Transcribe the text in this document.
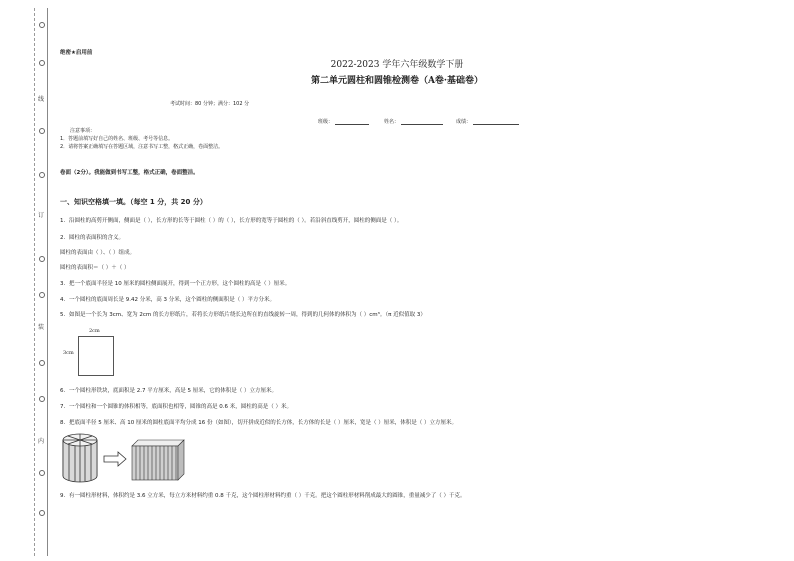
线
订
装
内
绝密★启用前
2022-2023 学年六年级数学下册
第二单元圆柱和圆锥检测卷（A卷·基础卷）
考试时间：80 分钟；满分：102 分
班级：	姓名：	成绩：
注意事项：
1．答题前填写好自己的姓名、班级、考号等信息。
2．请将答案正确填写在答题区域，注意书写工整，格式正确，卷面整洁。
卷面（2分）。我能做到书写工整，格式正确，卷面整洁。
一、知识空格填一填。（每空 1 分，共 20 分）
1．沿圆柱的高剪开侧面，侧面是（ ），长方形的长等于圆柱（ ）的（ ），长方形的宽等于圆柱的（ ）。若沿斜直线剪开，圆柱的侧面是（ ）。
2．圆柱的表面积的含义。
圆柱的表面由（ ）、（ ）组成。
圆柱的表面积＝（ ）＋（ ）
3．把一个底面半径是 10 厘米的圆柱侧面展开，得到一个正方形，这个圆柱的高是（ ）厘米。
4．一个圆柱的底面周长是 9.42 分米，高 3 分米，这个圆柱的侧面积是（ ）平方分米。
5．如图是一个长为 3cm、宽为 2cm 的长方形纸片，若将长方形纸片绕长边所在的直线旋转一周，得到的几何体的体积为（ ）cm³。（π 近似值取 3）
2cm
3cm
6．一个圆柱形铁块，底面积是 2.7 平方厘米，高是 5 厘米，它的体积是（ ）立方厘米。
7．一个圆柱和一个圆锥的体积相等，底面积也相等，圆锥的高是 0.6 米，圆柱的高是（ ）米。
8．把底面半径 5 厘米、高 10 厘米的圆柱底面平均分成 16 份（如图），切开拼成近似的长方体，长方体的长是（ ）厘米，宽是（ ）厘米，体积是（ ）立方厘米。
9．有一圆柱形材料，体积约是 3.6 立方米，每立方米材料约重 0.8 千克，这个圆柱形材料约重（ ）千克。把这个圆柱形材料削成最大的圆锥，重量减少了（ ）千克。
